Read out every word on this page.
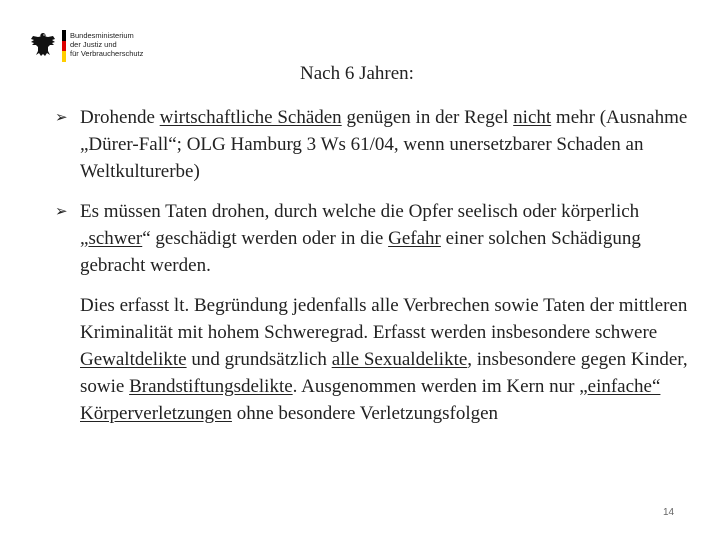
Bundesministerium
der Justiz und
für Verbraucherschutz
Nach 6 Jahren:
➢ Drohende wirtschaftliche Schäden genügen in der Regel nicht mehr (Ausnahme „Dürer-Fall“; OLG Hamburg 3 Ws 61/04, wenn unersetzbarer Schaden an Weltkulturerbe)
➢ Es müssen Taten drohen, durch welche die Opfer seelisch oder körperlich „schwer“ geschädigt werden oder in die Gefahr einer solchen Schädigung gebracht werden.
Dies erfasst lt. Begründung jedenfalls alle Verbrechen sowie Taten der mittleren Kriminalität mit hohem Schweregrad. Erfasst werden insbesondere schwere Gewaltdelikte und grundsätzlich alle Sexualdelikte, insbesondere gegen Kinder, sowie Brandstiftungsdelikte. Ausgenommen werden im Kern nur „einfache“ Körperverletzungen ohne besondere Verletzungsfolgen
14
